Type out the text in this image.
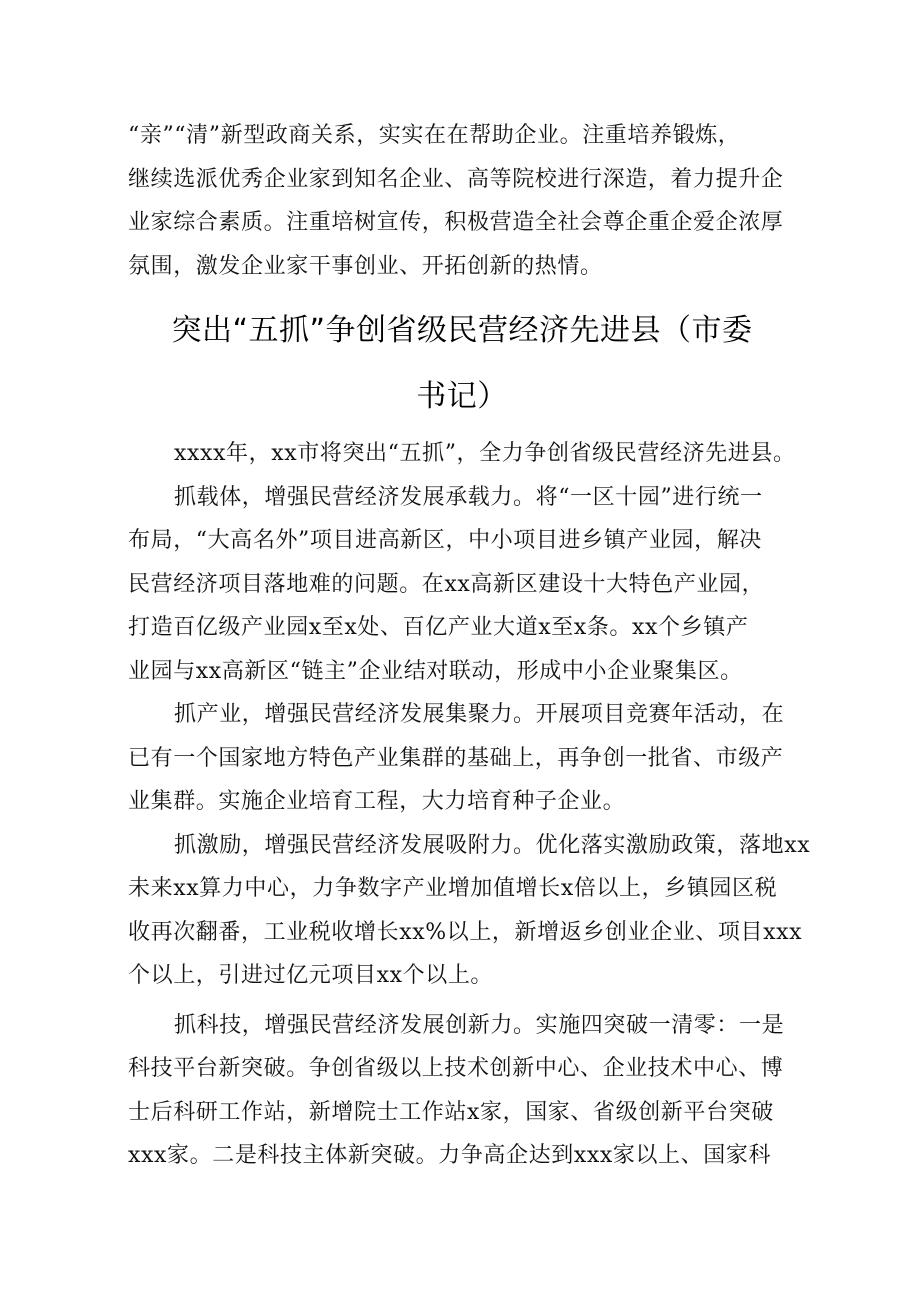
“亲”“清”新型政商关系，实实在在帮助企业。注重培养锻炼，
继续选派优秀企业家到知名企业、高等院校进行深造，着力提升企
业家综合素质。注重培树宣传，积极营造全社会尊企重企爱企浓厚
氛围，激发企业家干事创业、开拓创新的热情。
突出“五抓”争创省级民营经济先进县（市委
书记）
xxxx年，xx市将突出“五抓”，全力争创省级民营经济先进县。
抓载体，增强民营经济发展承载力。将“一区十园”进行统一
布局，“大高名外”项目进高新区，中小项目进乡镇产业园，解决
民营经济项目落地难的问题。在xx高新区建设十大特色产业园，
打造百亿级产业园x至x处、百亿产业大道x至x条。xx个乡镇产
业园与xx高新区“链主”企业结对联动，形成中小企业聚集区。
抓产业，增强民营经济发展集聚力。开展项目竞赛年活动，在
已有一个国家地方特色产业集群的基础上，再争创一批省、市级产
业集群。实施企业培育工程，大力培育种子企业。
抓激励，增强民营经济发展吸附力。优化落实激励政策，落地xx
未来xx算力中心，力争数字产业增加值增长x倍以上，乡镇园区税
收再次翻番，工业税收增长xx%以上，新增返乡创业企业、项目xxx
个以上，引进过亿元项目xx个以上。
抓科技，增强民营经济发展创新力。实施四突破一清零：一是
科技平台新突破。争创省级以上技术创新中心、企业技术中心、博
士后科研工作站，新增院士工作站x家，国家、省级创新平台突破
xxx家。二是科技主体新突破。力争高企达到xxx家以上、国家科
